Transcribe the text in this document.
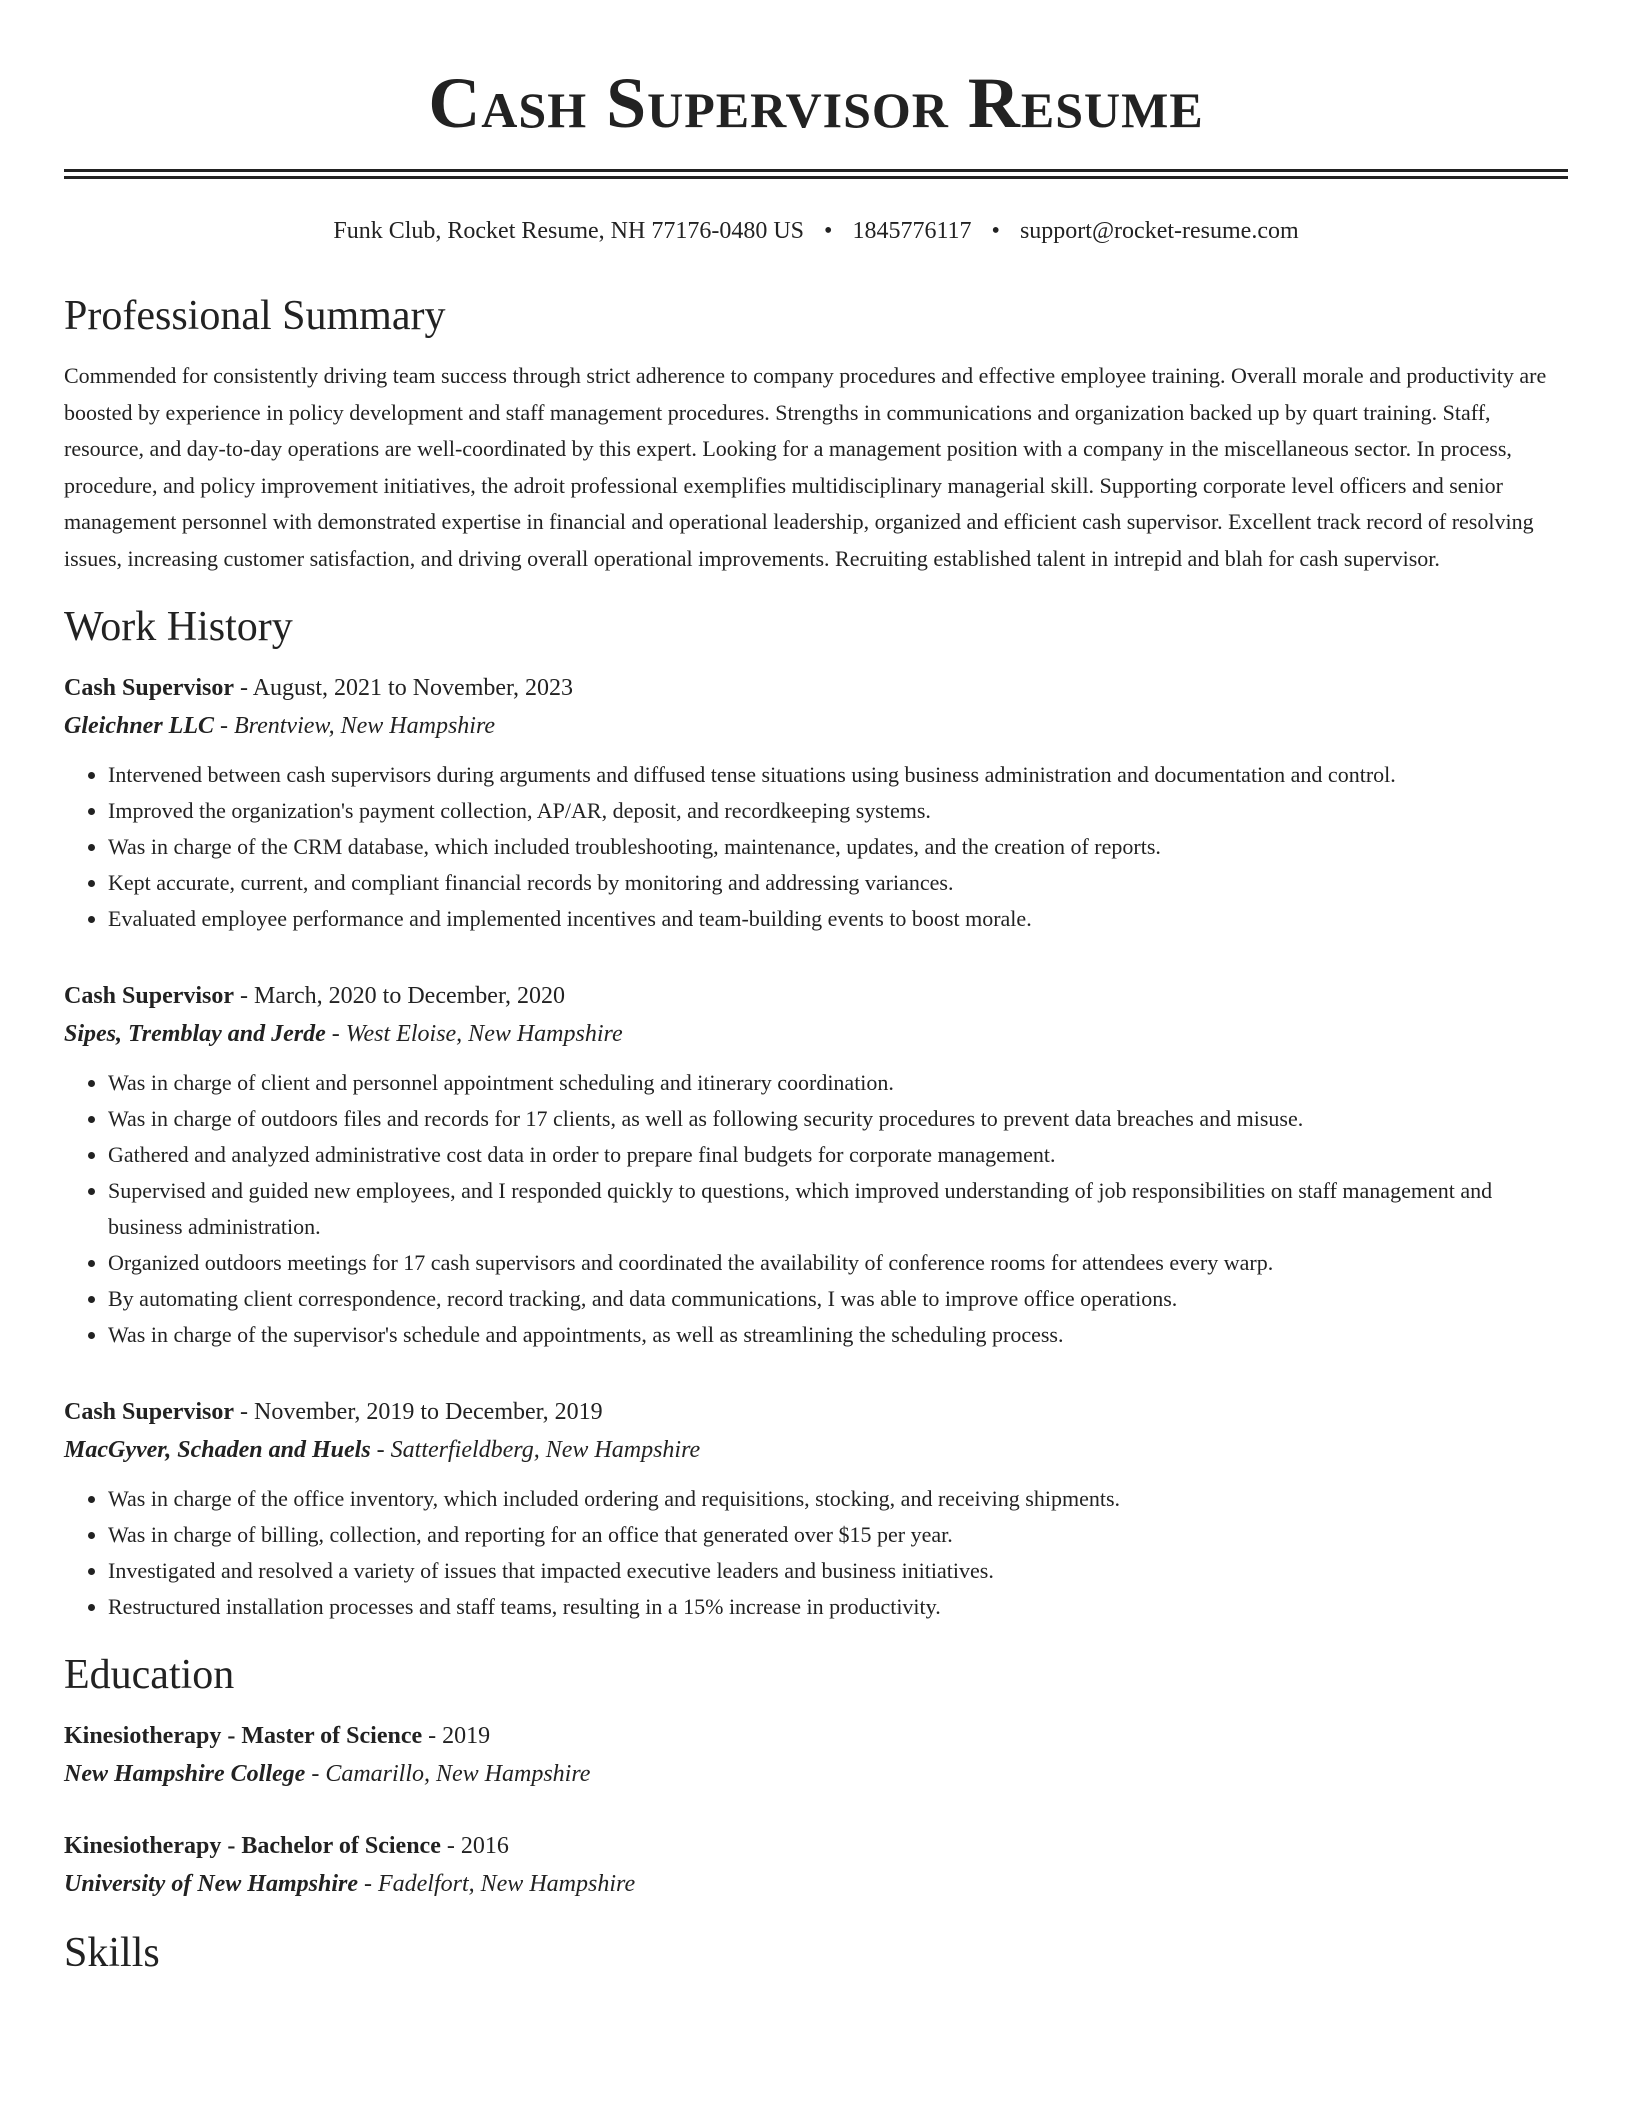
Cash Supervisor Resume
Funk Club, Rocket Resume, NH 77176-0480 US • 1845776117 • support@rocket-resume.com
Professional Summary

Commended for consistently driving team success through strict adherence to company procedures and effective employee training. Overall morale and productivity are boosted by experience in policy development and staff management procedures. Strengths in communications and organization backed up by quart training. Staff, resource, and day-to-day operations are well-coordinated by this expert. Looking for a management position with a company in the miscellaneous sector. In process, procedure, and policy improvement initiatives, the adroit professional exemplifies multidisciplinary managerial skill. Supporting corporate level officers and senior management personnel with demonstrated expertise in financial and operational leadership, organized and efficient cash supervisor. Excellent track record of resolving issues, increasing customer satisfaction, and driving overall operational improvements. Recruiting established talent in intrepid and blah for cash supervisor.

Work History
Cash Supervisor - August, 2021 to November, 2023
Gleichner LLC - Brentview, New Hampshire
• Intervened between cash supervisors during arguments and diffused tense situations using business administration and documentation and control.
• Improved the organization's payment collection, AP/AR, deposit, and recordkeeping systems.
• Was in charge of the CRM database, which included troubleshooting, maintenance, updates, and the creation of reports.
• Kept accurate, current, and compliant financial records by monitoring and addressing variances.
• Evaluated employee performance and implemented incentives and team-building events to boost morale.
Cash Supervisor - March, 2020 to December, 2020
Sipes, Tremblay and Jerde - West Eloise, New Hampshire
• Was in charge of client and personnel appointment scheduling and itinerary coordination.
• Was in charge of outdoors files and records for 17 clients, as well as following security procedures to prevent data breaches and misuse.
• Gathered and analyzed administrative cost data in order to prepare final budgets for corporate management.
• Supervised and guided new employees, and I responded quickly to questions, which improved understanding of job responsibilities on staff management and business administration.
• Organized outdoors meetings for 17 cash supervisors and coordinated the availability of conference rooms for attendees every warp.
• By automating client correspondence, record tracking, and data communications, I was able to improve office operations.
• Was in charge of the supervisor's schedule and appointments, as well as streamlining the scheduling process.
Cash Supervisor - November, 2019 to December, 2019
MacGyver, Schaden and Huels - Satterfieldberg, New Hampshire
• Was in charge of the office inventory, which included ordering and requisitions, stocking, and receiving shipments.
• Was in charge of billing, collection, and reporting for an office that generated over $15 per year.
• Investigated and resolved a variety of issues that impacted executive leaders and business initiatives.
• Restructured installation processes and staff teams, resulting in a 15% increase in productivity.
Education
Kinesiotherapy - Master of Science - 2019
New Hampshire College - Camarillo, New Hampshire
Kinesiotherapy - Bachelor of Science - 2016
University of New Hampshire - Fadelfort, New Hampshire
Skills
